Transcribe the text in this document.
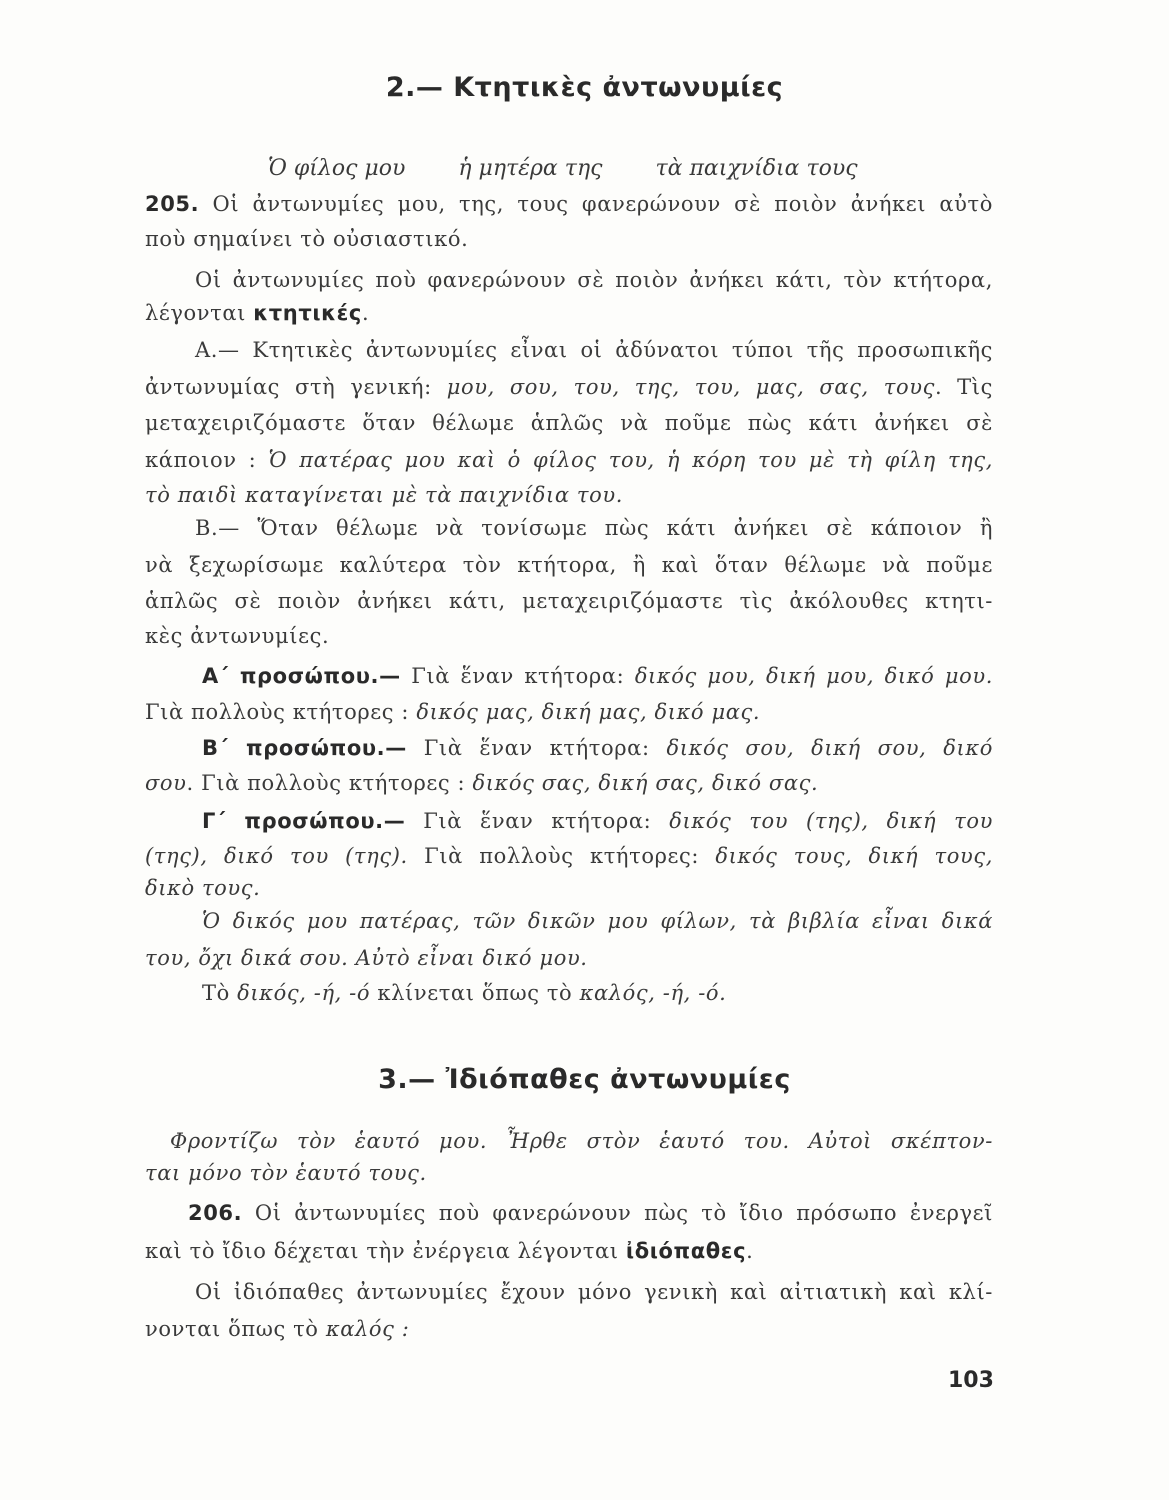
2.— Κτητικὲς ἀντωνυμίες
Ὁ φίλος μου ἡ μητέρα της τὰ παιχνίδια τους
205. Οἱ ἀντωνυμίες μου, της, τους φανερώνουν σὲ ποιὸν ἀνήκει αὐτὸ
ποὺ σημαίνει τὸ οὐσιαστικό.
Οἱ ἀντωνυμίες ποὺ φανερώνουν σὲ ποιὸν ἀνήκει κάτι, τὸν κτήτορα,
λέγονται κτητικές.
Α.— Κτητικὲς ἀντωνυμίες εἶναι οἱ ἀδύνατοι τύποι τῆς προσωπικῆς
ἀντωνυμίας στὴ γενική: μου, σου, του, της, του, μας, σας, τους. Τὶς
μεταχειριζόμαστε ὅταν θέλωμε ἁπλῶς νὰ ποῦμε πὼς κάτι ἀνήκει σὲ
κάποιον : Ὁ πατέρας μου καὶ ὁ φίλος του, ἡ κόρη του μὲ τὴ φίλη της,
τὸ παιδὶ καταγίνεται μὲ τὰ παιχνίδια του.
Β.— Ὅταν θέλωμε νὰ τονίσωμε πὼς κάτι ἀνήκει σὲ κάποιον ἢ
νὰ ξεχωρίσωμε καλύτερα τὸν κτήτορα, ἢ καὶ ὅταν θέλωμε νὰ ποῦμε
ἁπλῶς σὲ ποιὸν ἀνήκει κάτι, μεταχειριζόμαστε τὶς ἀκόλουθες κτητι-
κὲς ἀντωνυμίες.
Α΄ προσώπου.— Γιὰ ἕναν κτήτορα: δικός μου, δική μου, δικό μου.
Γιὰ πολλοὺς κτήτορες : δικός μας, δική μας, δικό μας.
Β΄ προσώπου.— Γιὰ ἕναν κτήτορα: δικός σου, δική σου, δικό
σου. Γιὰ πολλοὺς κτήτορες : δικός σας, δική σας, δικό σας.
Γ΄ προσώπου.— Γιὰ ἕναν κτήτορα: δικός του (της), δική του
(της), δικό του (της). Γιὰ πολλοὺς κτήτορες: δικός τους, δική τους,
δικὸ τους.
Ὁ δικός μου πατέρας, τῶν δικῶν μου φίλων, τὰ βιβλία εἶναι δικά
του, ὄχι δικά σου. Αὐτὸ εἶναι δικό μου.
Τὸ δικός, -ή, -ό κλίνεται ὅπως τὸ καλός, -ή, -ό.
3.— Ἰδιόπαθες ἀντωνυμίες
Φροντίζω τὸν ἑαυτό μου. Ἦρθε στὸν ἑαυτό του. Αὐτοὶ σκέπτον-
ται μόνο τὸν ἑαυτό τους.
206. Οἱ ἀντωνυμίες ποὺ φανερώνουν πὼς τὸ ἴδιο πρόσωπο ἐνεργεῖ
καὶ τὸ ἴδιο δέχεται τὴν ἐνέργεια λέγονται ἰδιόπαθες.
Οἱ ἰδιόπαθες ἀντωνυμίες ἔχουν μόνο γενικὴ καὶ αἰτιατικὴ καὶ κλί-
νονται ὅπως τὸ καλός :
103
